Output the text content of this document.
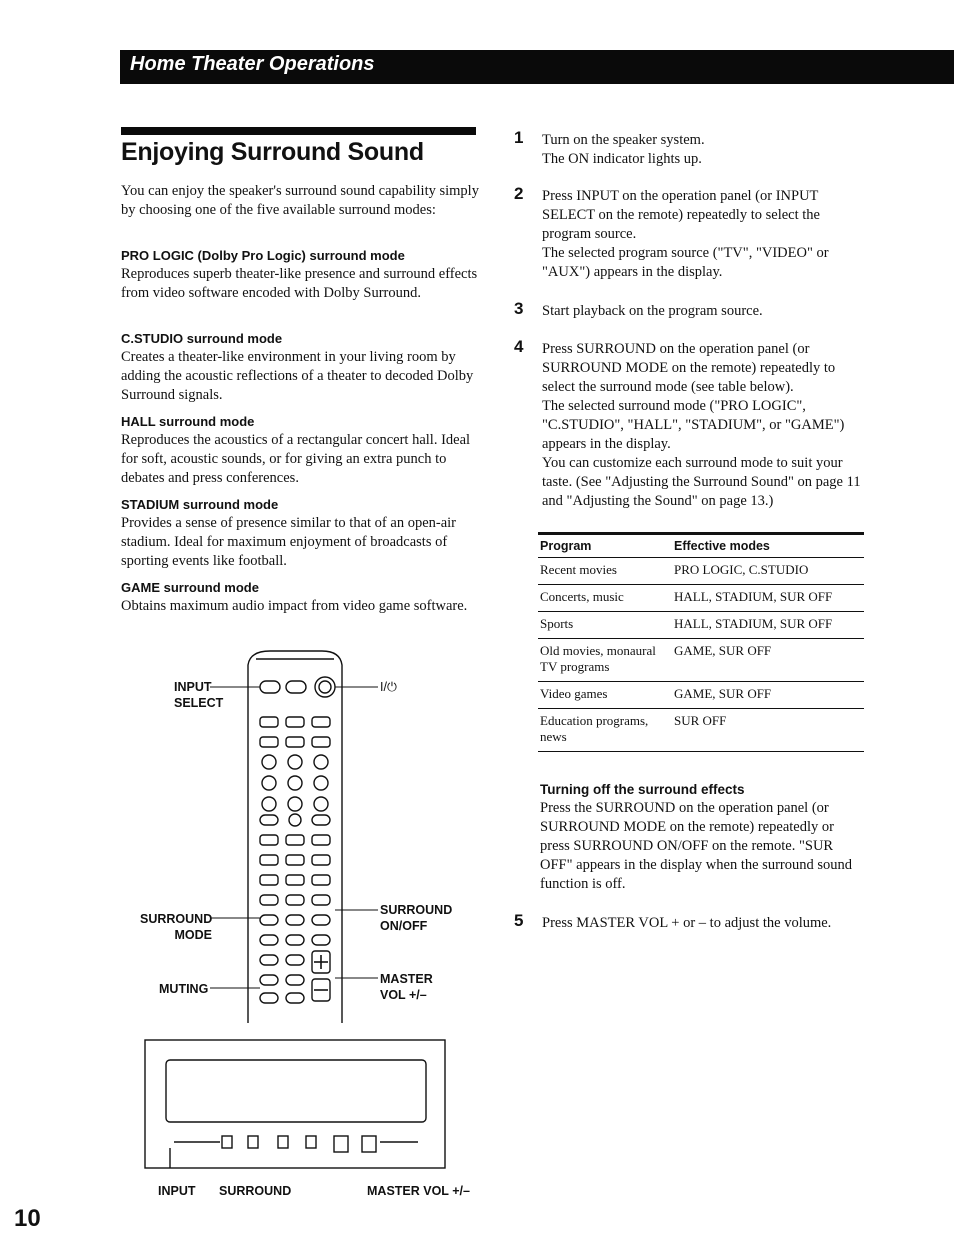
Home Theater Operations
Enjoying Surround Sound

You can enjoy the speaker's surround sound capability simply by choosing one of the five available surround modes:

PRO LOGIC (Dolby Pro Logic) surround mode

Reproduces superb theater-like presence and surround effects from video software encoded with Dolby Surround.

C.STUDIO surround mode

Creates a theater-like environment in your living room by adding the acoustic reflections of a theater to decoded Dolby Surround signals.

HALL surround mode

Reproduces the acoustics of a rectangular concert hall. Ideal for soft, acoustic sounds, or for giving an extra punch to debates and press conferences.

STADIUM surround mode

Provides a sense of presence similar to that of an open-air stadium. Ideal for maximum enjoyment of broadcasts of sporting events like football.

GAME surround mode

Obtains maximum audio impact from video game software.

INPUT
SELECT
I/⏻
SURROUND
MODE
SURROUND
ON/OFF
MUTING
MASTER
VOL +/–
INPUT SURROUND	MASTER VOL +/–
1 Turn on the speaker system.

The ON indicator lights up.

2 Press INPUT on the operation panel (or INPUT SELECT on the remote) repeatedly to select the program source.

The selected program source ("TV", "VIDEO" or "AUX") appears in the display.

3 Start playback on the program source.

4 Press SURROUND on the operation panel (or SURROUND MODE on the remote) repeatedly to select the surround mode (see table below).

The selected surround mode ("PRO LOGIC", "C.STUDIO", "HALL", "STADIUM", or "GAME") appears in the display.

You can customize each surround mode to suit your taste. (See "Adjusting the Surround Sound" on page 11 and "Adjusting the Sound" on page 13.)

Program	Effective modes
Recent movies	PRO LOGIC, C.STUDIO
Concerts, music	HALL, STADIUM, SUR OFF
Sports	HALL, STADIUM, SUR OFF
Old movies, monaural TV programs	GAME, SUR OFF
Video games	GAME, SUR OFF
Education programs, news	SUR OFF
Turning off the surround effects

Press the SURROUND on the operation panel (or SURROUND MODE on the remote) repeatedly or press SURROUND ON/OFF on the remote. "SUR OFF" appears in the display when the surround sound function is off.

5 Press MASTER VOL + or – to adjust the volume.

10
